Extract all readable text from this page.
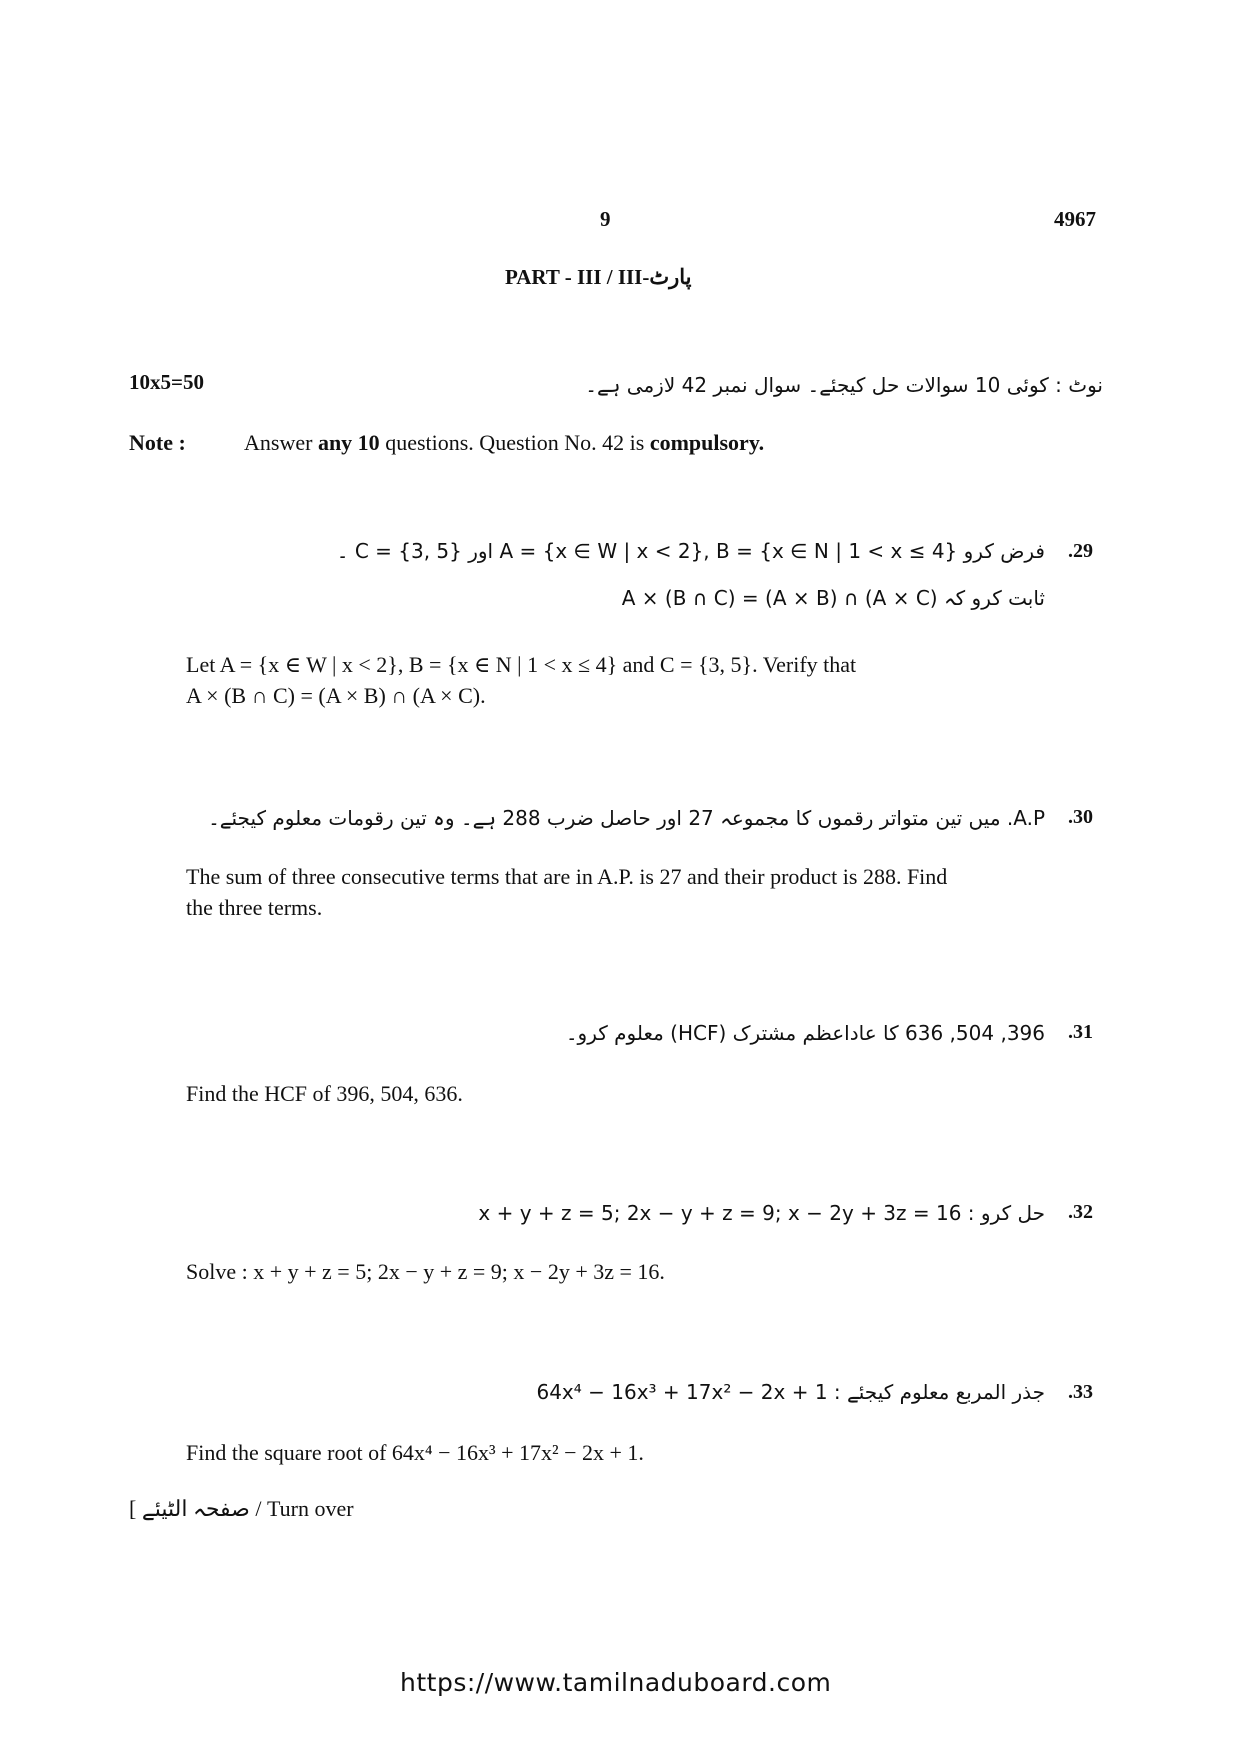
9	4967
PART - III / III-پارٹ
نوٹ : کوئی 10 سوالات حل کیجئے۔ سوال نمبر 42 لازمی ہے۔
10x5=50
Note :	Answer any 10 questions. Question No. 42 is compulsory.
.29
فرض کرو A = {x ∈ W | x < 2}, B = {x ∈ N | 1 < x ≤ 4} اور C = {3, 5} ۔
ثابت کرو کہ A × (B ∩ C) = (A × B) ∩ (A × C)
Let A = {x ∈ W | x < 2}, B = {x ∈ N | 1 < x ≤ 4} and C = {3, 5}. Verify that
A × (B ∩ C) = (A × B) ∩ (A × C).
.30
A.P. میں تین متواتر رقموں کا مجموعہ 27 اور حاصل ضرب 288 ہے۔ وہ تین رقومات معلوم کیجئے۔
The sum of three consecutive terms that are in A.P. is 27 and their product is 288. Find
the three terms.
.31
396, 504, 636 کا عاداعظم مشترک (HCF) معلوم کرو۔
Find the HCF of 396, 504, 636.
.32
حل کرو : x + y + z = 5; 2x − y + z = 9; x − 2y + 3z = 16
Solve : x + y + z = 5; 2x − y + z = 9; x − 2y + 3z = 16.
.33
جذر المربع معلوم کیجئے : 64x⁴ − 16x³ + 17x² − 2x + 1
Find the square root of 64x⁴ − 16x³ + 17x² − 2x + 1.
[ صفحہ الٹیئے / Turn over
https://www.tamilnaduboard.com
